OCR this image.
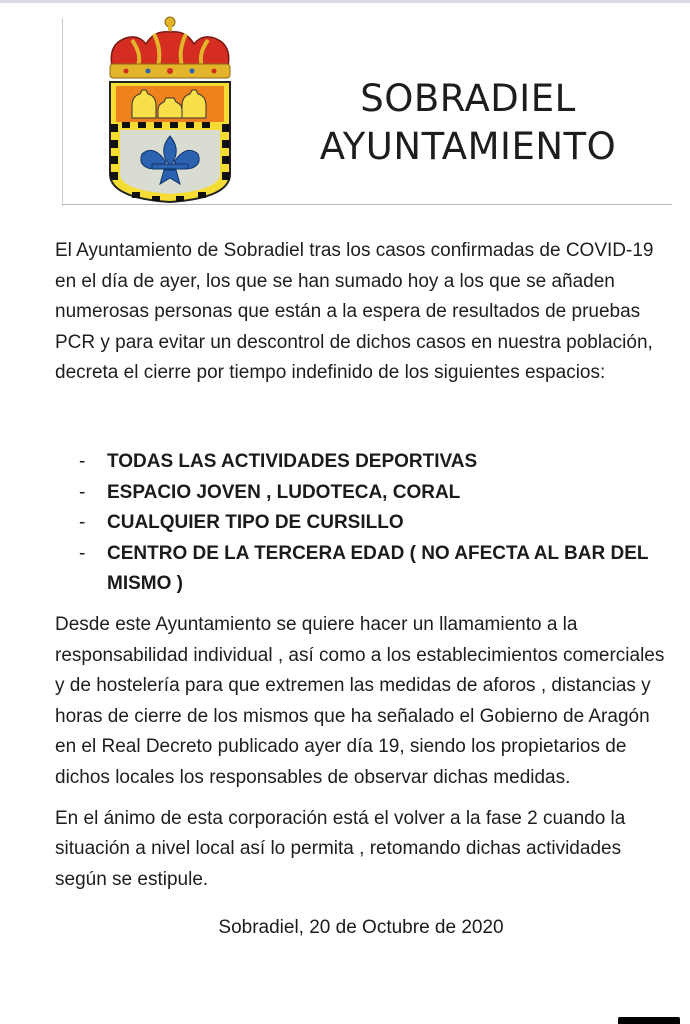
SOBRADIEL
AYUNTAMIENTO

El Ayuntamiento de Sobradiel tras los casos confirmadas de COVID-19 en el día de ayer, los que se han sumado hoy a los que se añaden numerosas personas que están a la espera de resultados de pruebas PCR y para evitar un descontrol de dichos casos en nuestra población, decreta el cierre por tiempo indefinido de los siguientes espacios:

- TODAS LAS ACTIVIDADES DEPORTIVAS
- ESPACIO JOVEN , LUDOTECA, CORAL
- CUALQUIER TIPO DE CURSILLO
- CENTRO DE LA TERCERA EDAD ( NO AFECTA AL BAR DEL MISMO )

Desde este Ayuntamiento se quiere hacer un llamamiento a la responsabilidad individual , así como a los establecimientos comerciales y de hostelería para que extremen las medidas de aforos , distancias y horas de cierre de los mismos que ha señalado el Gobierno de Aragón en el Real Decreto publicado ayer día 19, siendo los propietarios de dichos locales los responsables de observar dichas medidas.

En el ánimo de esta corporación está el volver a la fase 2 cuando la situación a nivel local así lo permita , retomando dichas actividades según se estipule.

Sobradiel, 20 de Octubre de 2020
